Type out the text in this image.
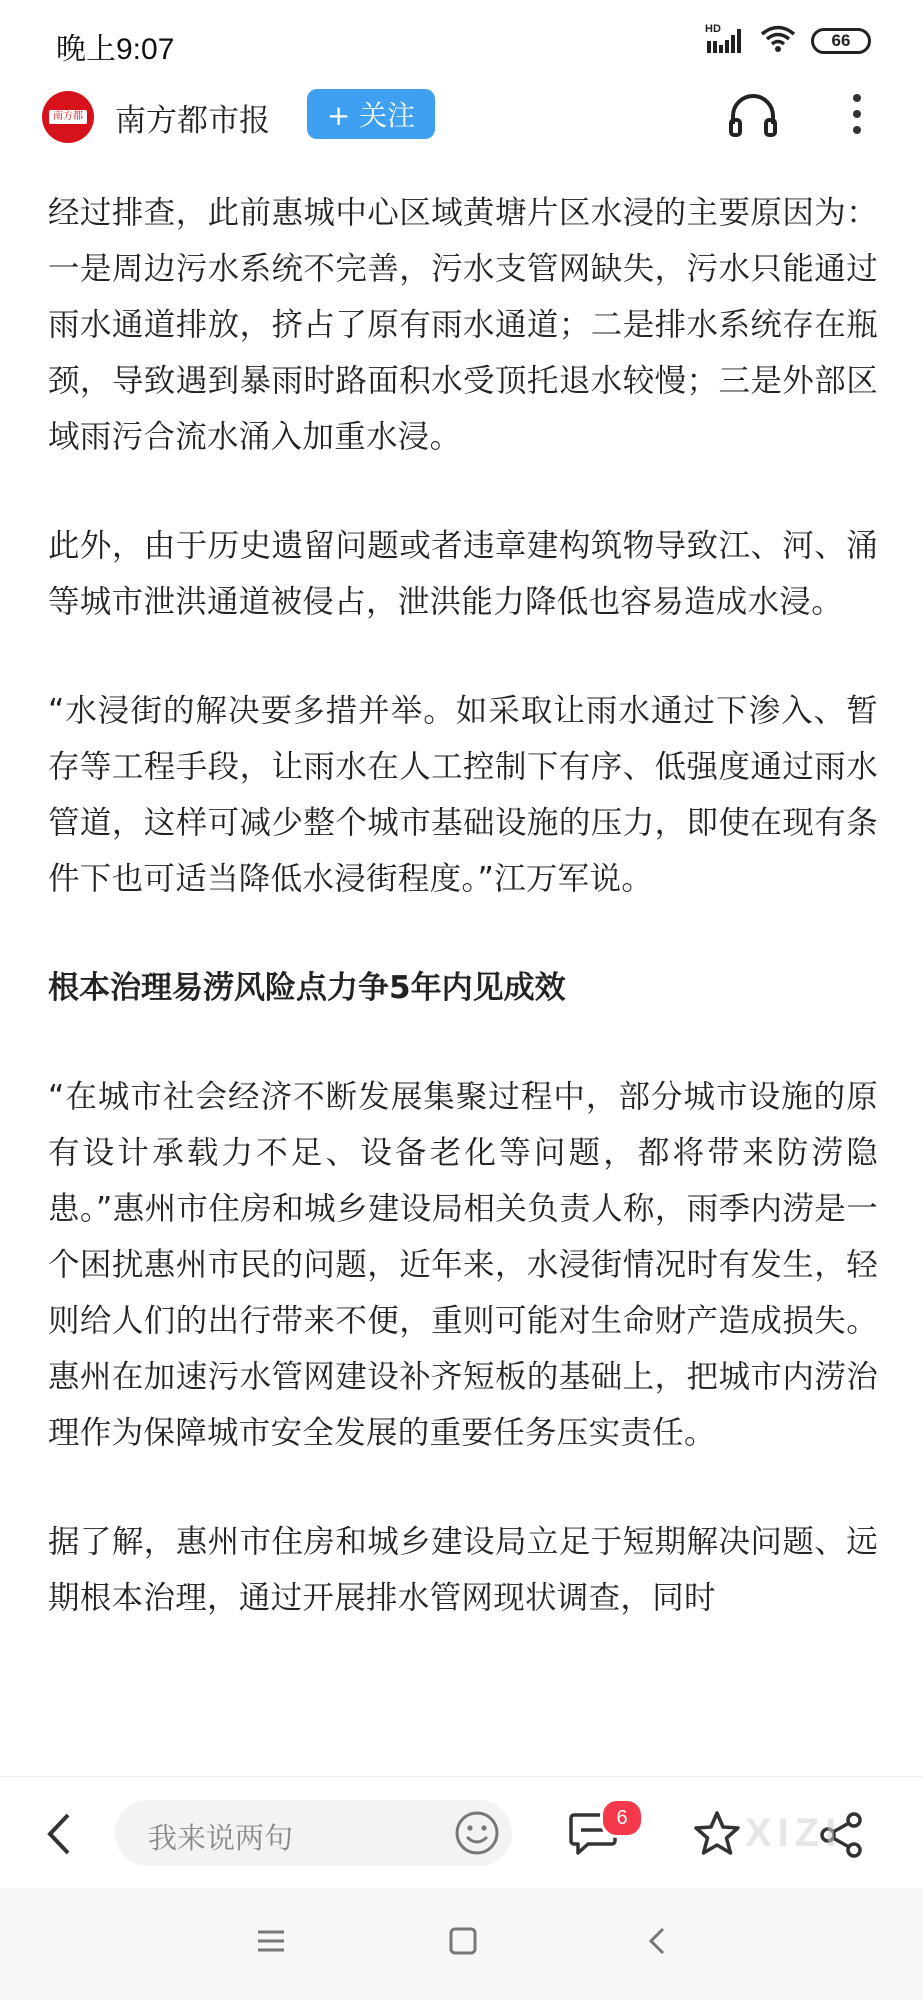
晚上9:07
HD
66
南方都市报 南方都市报	+ 关注

经过排查，此前惠城中心区域黄塘片区水浸的主要原因为：一是周边污水系统不完善，污水支管网缺失，污水只能通过雨水通道排放，挤占了原有雨水通道；二是排水系统存在瓶颈，导致遇到暴雨时路面积水受顶托退水较慢；三是外部区域雨污合流水涌入加重水浸。

此外，由于历史遗留问题或者违章建构筑物导致江、河、涌等城市泄洪通道被侵占，泄洪能力降低也容易造成水浸。

“水浸街的解决要多措并举。如采取让雨水通过下渗入、暂存等工程手段，让雨水在人工控制下有序、低强度通过雨水管道，这样可减少整个城市基础设施的压力，即使在现有条件下也可适当降低水浸街程度。”江万军说。

根本治理易涝风险点力争5年内见成效

“在城市社会经济不断发展集聚过程中，部分城市设施的原有设计承载力不足、设备老化等问题，都将带来防涝隐患。”惠州市住房和城乡建设局相关负责人称，雨季内涝是一个困扰惠州市民的问题，近年来，水浸街情况时有发生，轻则给人们的出行带来不便，重则可能对生命财产造成损失。惠州在加速污水管网建设补齐短板的基础上，把城市内涝治理作为保障城市安全发展的重要任务压实责任。

据了解，惠州市住房和城乡建设局立足于短期解决问题、远期根本治理，通过开展排水管网现状调查，同时

我来说两句
6	XIZI
